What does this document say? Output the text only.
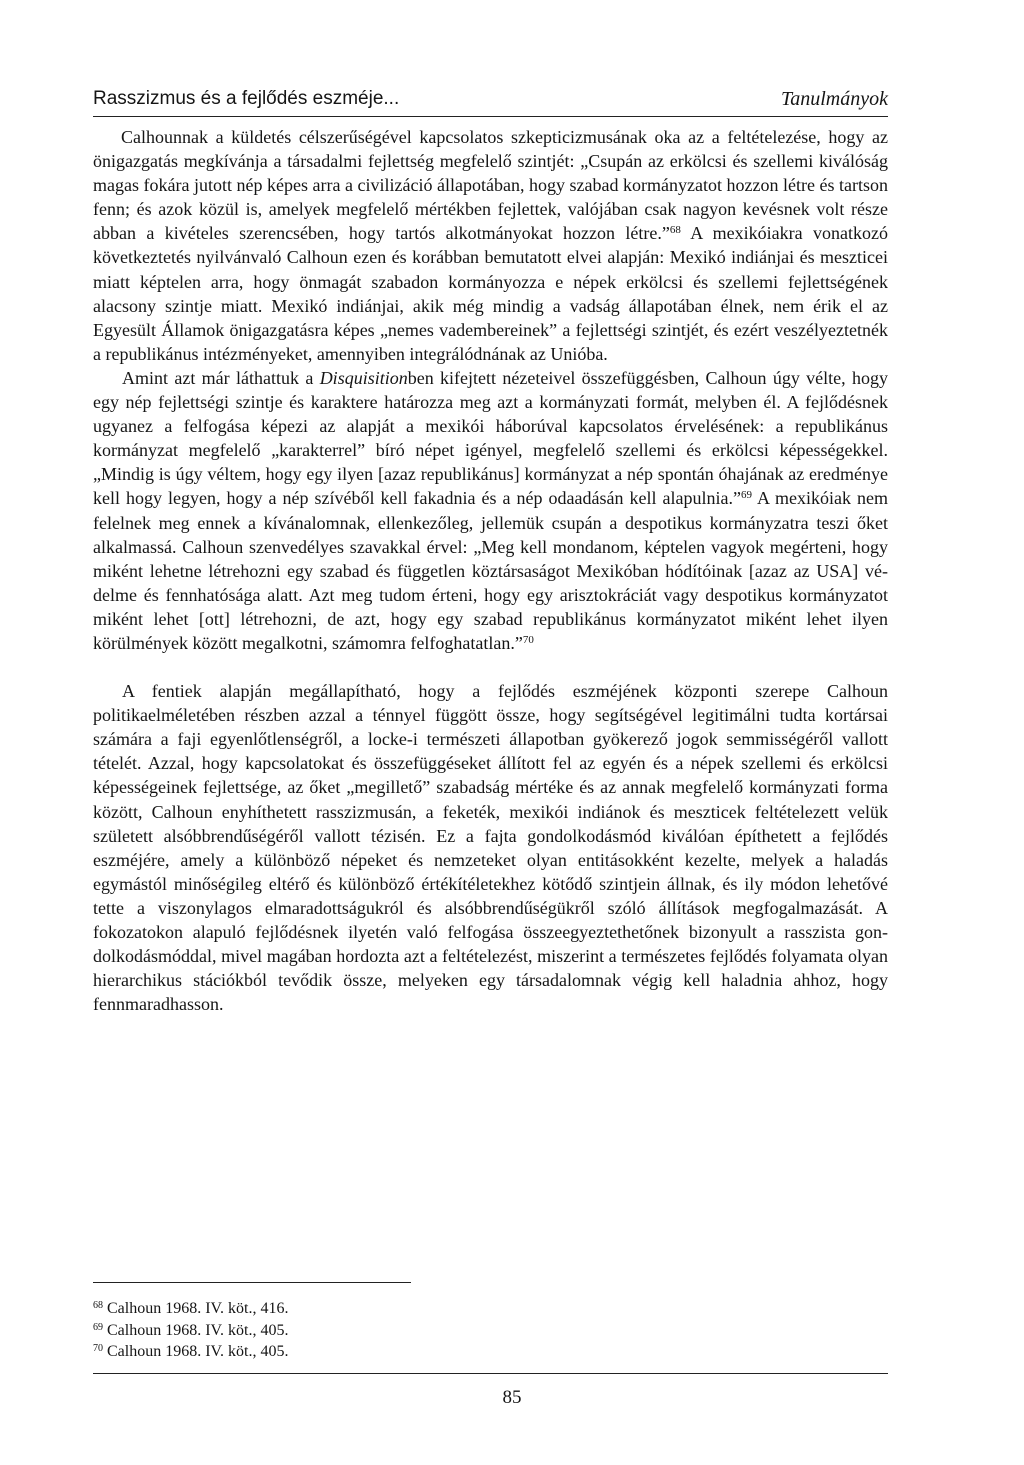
Rasszizmus és a fejlődés eszméje...	Tanulmányok

Calhounnak a küldetés célszerűségével kapcsolatos szkepticizmusának oka az a feltételezése, hogy az önigazgatás megkívánja a társadalmi fejlettség megfelelő szintjét: „Csupán az erkölcsi és szellemi kiválóság magas fokára jutott nép képes arra a civilizáció állapotában, hogy szabad kormányzatot hozzon létre és tartson fenn; és azok közül is, amelyek megfelelő mértékben fejlettek, valójában csak nagyon kevésnek volt része abban a kivételes szerencsében, hogy tartós alkotmányokat hozzon létre.”$^{68}$ A mexikóiakra vonatkozó következtetés nyilvánvaló Calhoun ezen és korábban bemutatott elvei alapján: Mexikó indiánjai és meszticei miatt képtelen arra, hogy önmagát szabadon kormányozza e népek erkölcsi és szellemi fejlettségének alacsony szintje miatt. Mexikó indiánjai, akik még mindig a vadság állapotában élnek, nem érik el az Egyesült Államok önigazgatásra képes „nemes vadembereinek” a fejlettségi szintjét, és ezért veszélyeztetnék a republikánus intézményeket, amennyiben integrálódnának az Unióba.

Amint azt már láthattuk a Disquisitionben kifejtett nézeteivel összefüggésben, Calhoun úgy vélte, hogy egy nép fejlettségi szintje és karaktere határozza meg azt a kormányzati formát, melyben él. A fejlődésnek ugyanez a felfogása képezi az alapját a mexikói háborúval kapcsolatos érvelésének: a republikánus kormányzat megfelelő „karakterrel” bíró népet igényel, megfelelő szellemi és erkölcsi képességekkel. „Mindig is úgy véltem, hogy egy ilyen [azaz republikánus] kormányzat a nép spontán óhajának az eredménye kell hogy legyen, hogy a nép szívéből kell fakadnia és a nép odaadásán kell alapulnia.”$^{69}$ A mexikóiak nem felelnek meg ennek a kívánalomnak, ellenkezőleg, jellemük csupán a despotikus kormányzatra teszi őket alkalmassá. Calhoun szenvedélyes szavakkal érvel: „Meg kell mondanom, képtelen vagyok megérteni, hogy miként lehetne létrehozni egy szabad és független köztársaságot Mexikóban hódítóinak [azaz az USA] védelme és fennhatósága alatt. Azt meg tudom érteni, hogy egy arisztokráciát vagy despotikus kormányzatot miként lehet [ott] létrehozni, de azt, hogy egy szabad republikánus kormányzatot miként lehet ilyen körülmények között megalkotni, számomra felfoghatatlan.”$^{70}$

A fentiek alapján megállapítható, hogy a fejlődés eszméjének központi szerepe Calhoun politikaelméletében részben azzal a ténnyel függött össze, hogy segítségével legitimálni tudta kortársai számára a faji egyenlőtlenségről, a locke-i természeti állapotban gyökerező jogok semmisségéről vallott tételét. Azzal, hogy kapcsolatokat és összefüggéseket állított fel az egyén és a népek szellemi és erkölcsi képességeinek fejlettsége, az őket „megillető” szabadság mértéke és az annak megfelelő kormányzati forma között, Calhoun enyhíthetett rasszizmusán, a feketék, mexikói indiánok és meszticek feltételezett velük született alsóbbrendűségéről vallott tézisén. Ez a fajta gondolkodásmód kiválóan építhetett a fejlődés eszméjére, amely a különböző népeket és nemzeteket olyan entitásokként kezelte, melyek a haladás egymástól minőségileg eltérő és különböző értékítéletekhez kötődő szintjein állnak, és ily módon lehetővé tette a viszonylagos elmaradottságukról és alsóbbrendűségükről szóló állítások megfogalmazását. A fokozatokon alapuló fejlődésnek ilyetén való felfogása összeegyeztethetőnek bizonyult a rasszista gondolkodásmóddal, mivel magában hordozta azt a feltételezést, miszerint a természetes fejlődés folyamata olyan hierarchikus stációkból tevődik össze, melyeken egy társadalomnak végig kell haladnia ahhoz, hogy fennmaradhasson.

$^{68}$ Calhoun 1968. IV. köt., 416.

$^{69}$ Calhoun 1968. IV. köt., 405.

$^{70}$ Calhoun 1968. IV. köt., 405.

85
